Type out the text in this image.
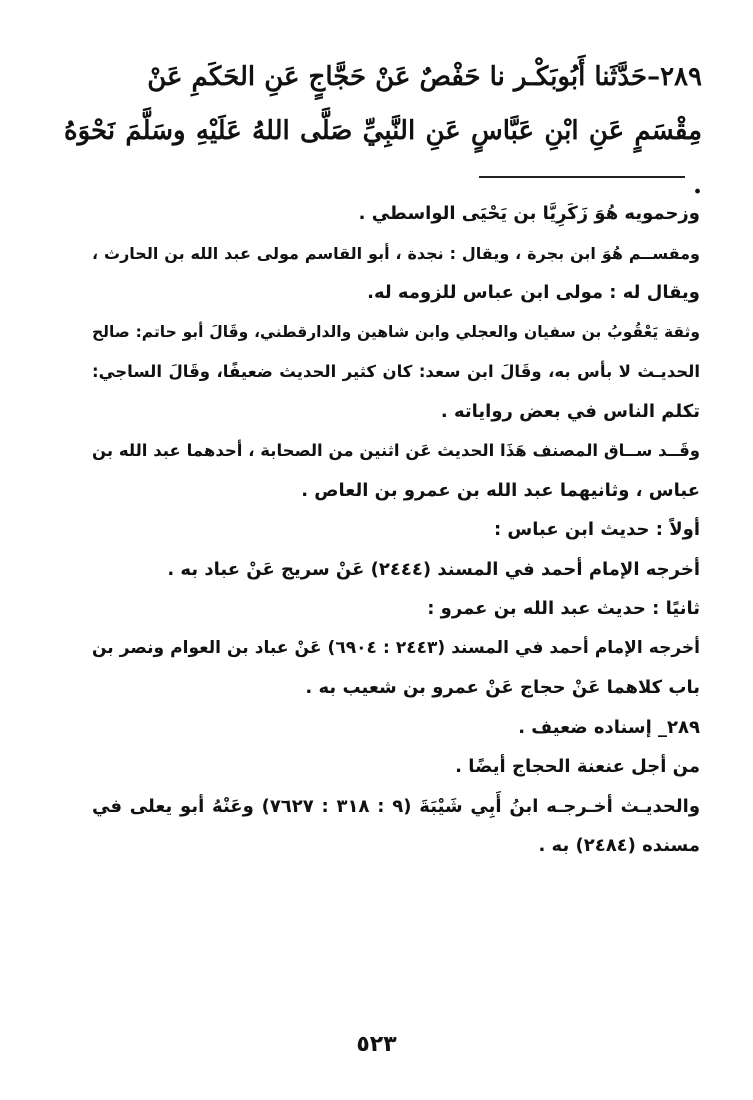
٢٨٩–حَدَّثَنا أَبُوبَكْـر نا حَفْصٌ عَنْ حَجَّاجٍ عَنِ الحَكَمِ عَنْ
مِقْسَمٍ عَنِ ابْنِ عَبَّاسٍ عَنِ النَّبِيِّ صَلَّى اللهُ عَلَيْهِ وسَلَّمَ نَحْوَهُ .

وزحمويه هُوَ زَكَرِيَّا بن يَحْيَى الواسطي .

ومقســم هُوَ ابن بجرة ، ويقال : نجدة ، أبو القاسم مولى عبد الله بن الحارث ،

ويقال له : مولى ابن عباس للزومه له.

وثقة يَعْقُوبُ بن سفيان والعجلي وابن شاهين والدارقطني، وقَالَ أبو حاتم: صالح

الحديـث لا بأس به، وقَالَ ابن سعد: كان كثير الحديث ضعيفًا، وقَالَ الساجي:

تكلم الناس في بعض رواياته .

وقَــد ســاق المصنف هَذَا الحديث عَن اثنين من الصحابة ، أحدهما عبد الله بن

عباس ، وثانيهما عبد الله بن عمرو بن العاص .

أولاً : حديث ابن عباس :

أخرجه الإمام أحمد في المسند (٢٤٤٤) عَنْ سريج عَنْ عباد به .

ثانيًا : حديث عبد الله بن عمرو :

أخرجه الإمام أحمد في المسند (٢٤٤٣ : ٦٩٠٤) عَنْ عباد بن العوام ونصر بن

باب كلاهما عَنْ حجاج عَنْ عمرو بن شعيب به .

٢٨٩_ إسناده ضعيف .

من أجل عنعنة الحجاج أيضًا .

والحديـث أخـرجـه ابنُ أَبِي شَيْبَةَ (٩ : ٣١٨ : ٧٦٢٧) وعَنْهُ أبو يعلى في

مسنده (٢٤٨٤) به .

٥٢٣
